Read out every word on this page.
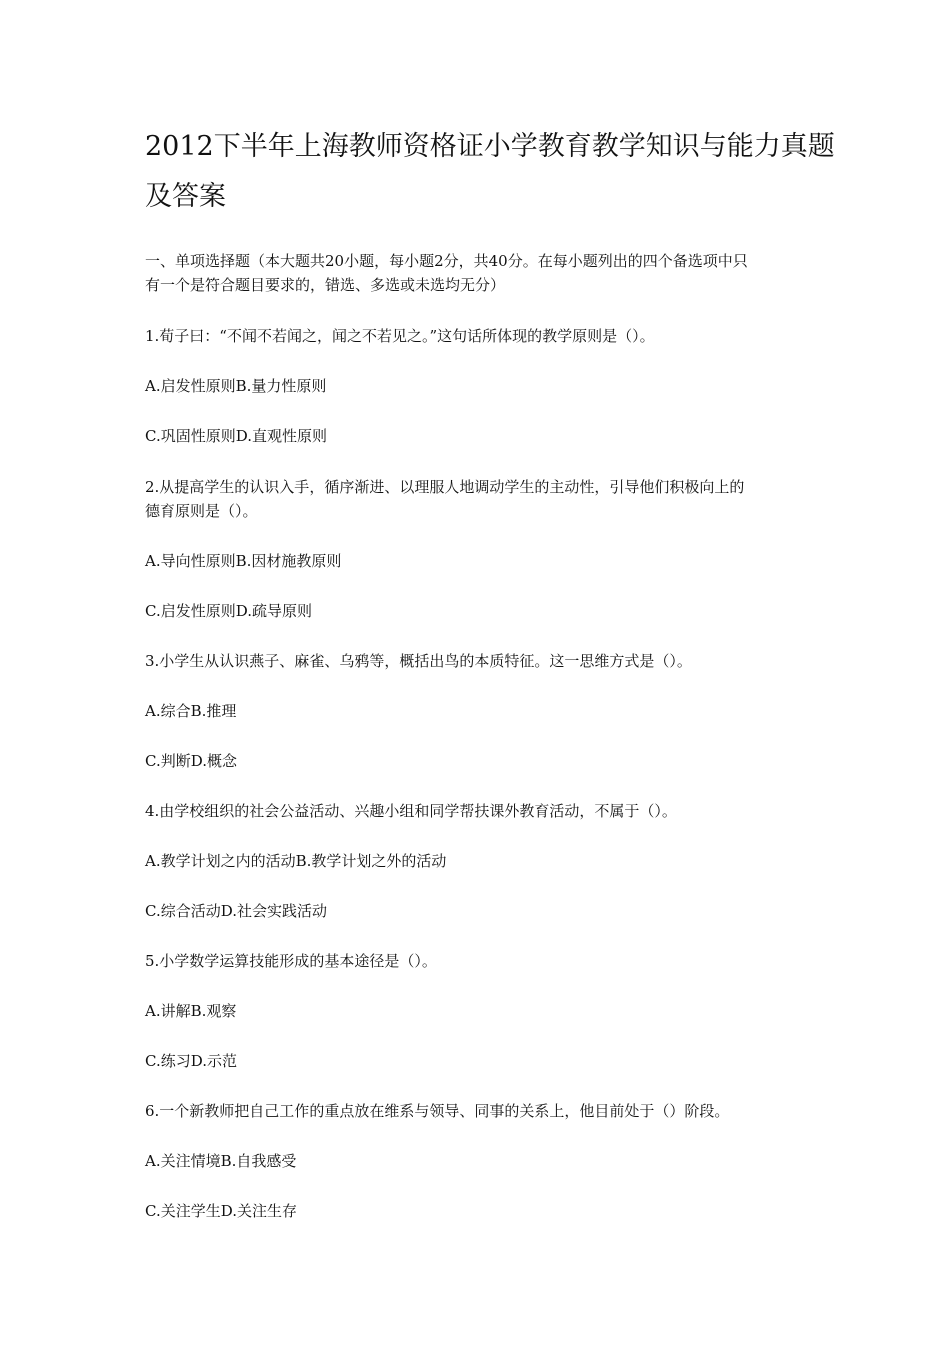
2012下半年上海教师资格证小学教育教学知识与能力真题
及答案

一、单项选择题（本大题共20小题，每小题2分，共40分。在每小题列出的四个备选项中只

有一个是符合题目要求的，错选、多选或未选均无分）

1.荀子曰：“不闻不若闻之，闻之不若见之。”这句话所体现的教学原则是（）。

A.启发性原则B.量力性原则

C.巩固性原则D.直观性原则

2.从提高学生的认识入手，循序渐进、以理服人地调动学生的主动性，引导他们积极向上的

德育原则是（）。

A.导向性原则B.因材施教原则

C.启发性原则D.疏导原则

3.小学生从认识燕子、麻雀、乌鸦等，概括出鸟的本质特征。这一思维方式是（）。

A.综合B.推理

C.判断D.概念

4.由学校组织的社会公益活动、兴趣小组和同学帮扶课外教育活动，不属于（）。

A.教学计划之内的活动B.教学计划之外的活动

C.综合活动D.社会实践活动

5.小学数学运算技能形成的基本途径是（）。

A.讲解B.观察

C.练习D.示范

6.一个新教师把自己工作的重点放在维系与领导、同事的关系上，他目前处于（）阶段。

A.关注情境B.自我感受

C.关注学生D.关注生存
